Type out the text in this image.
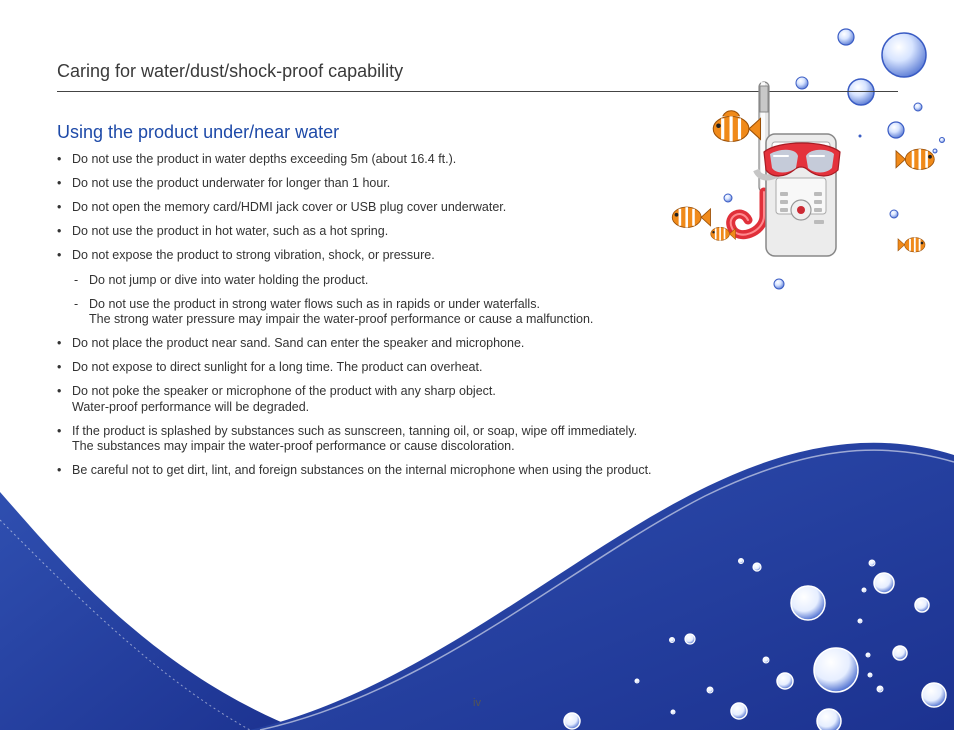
Caring for water/dust/shock-proof capability
Using the product under/near water
• Do not use the product in water depths exceeding 5m (about 16.4 ft.).
• Do not use the product underwater for longer than 1 hour.
• Do not open the memory card/HDMI jack cover or USB plug cover underwater.
• Do not use the product in hot water, such as a hot spring.
• Do not expose the product to strong vibration, shock, or pressure.
- Do not jump or dive into water holding the product.
- Do not use the product in strong water flows such as in rapids or under waterfalls.
The strong water pressure may impair the water-proof performance or cause a malfunction.
• Do not place the product near sand. Sand can enter the speaker and microphone.
• Do not expose to direct sunlight for a long time. The product can overheat.
• Do not poke the speaker or microphone of the product with any sharp object.
Water-proof performance will be degraded.
• If the product is splashed by substances such as sunscreen, tanning oil, or soap, wipe off immediately.
The substances may impair the water-proof performance or cause discoloration.
• Be careful not to get dirt, lint, and foreign substances on the internal microphone when using the product.
iv
